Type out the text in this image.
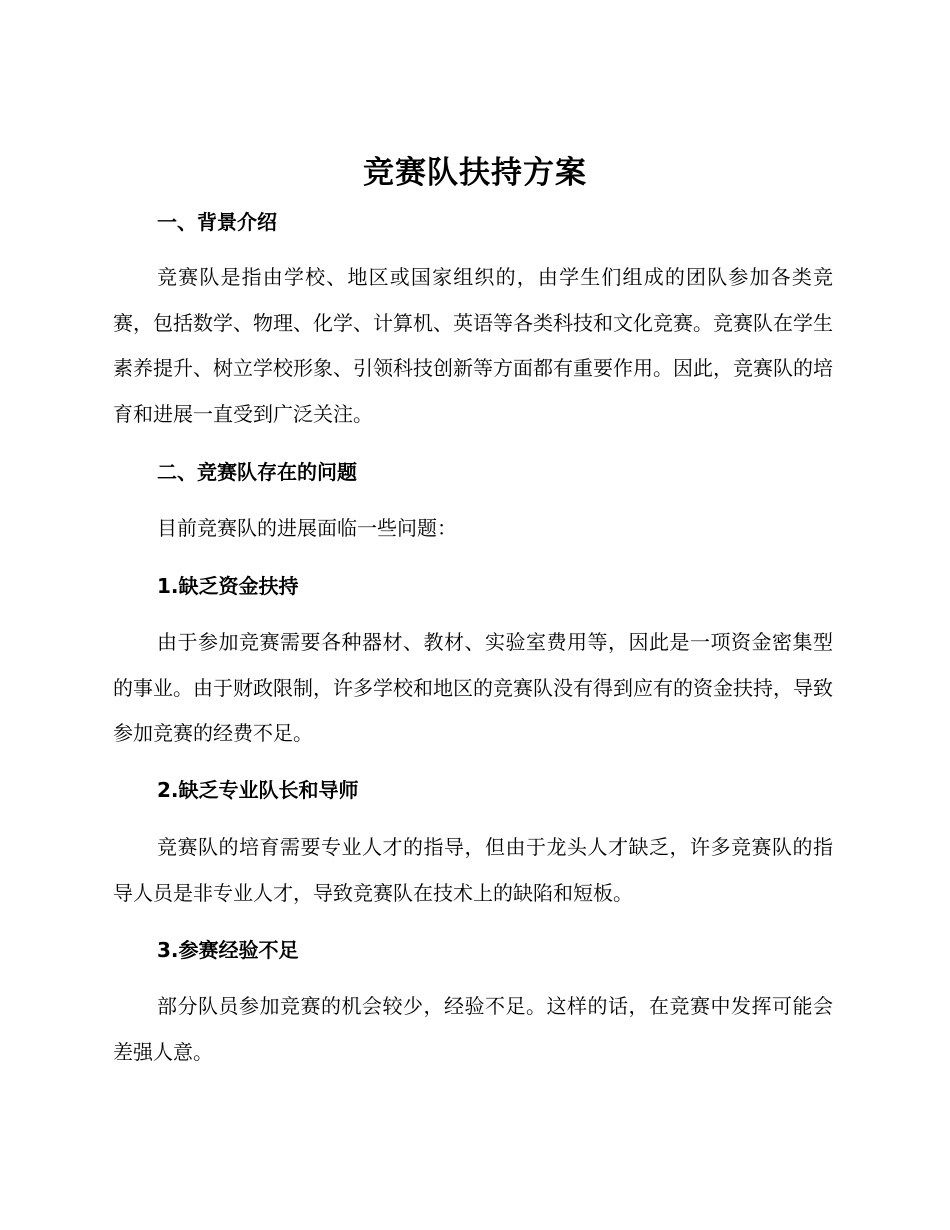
竞赛队扶持方案
一、背景介绍

竞赛队是指由学校、地区或国家组织的，由学生们组成的团队参加各类竞赛，包括数学、物理、化学、计算机、英语等各类科技和文化竞赛。竞赛队在学生素养提升、树立学校形象、引领科技创新等方面都有重要作用。因此，竞赛队的培育和进展一直受到广泛关注。

二、竞赛队存在的问题

目前竞赛队的进展面临一些问题：

1.缺乏资金扶持

由于参加竞赛需要各种器材、教材、实验室费用等，因此是一项资金密集型的事业。由于财政限制，许多学校和地区的竞赛队没有得到应有的资金扶持，导致参加竞赛的经费不足。

2.缺乏专业队长和导师

竞赛队的培育需要专业人才的指导，但由于龙头人才缺乏，许多竞赛队的指导人员是非专业人才，导致竞赛队在技术上的缺陷和短板。

3.参赛经验不足

部分队员参加竞赛的机会较少，经验不足。这样的话，在竞赛中发挥可能会差强人意。
